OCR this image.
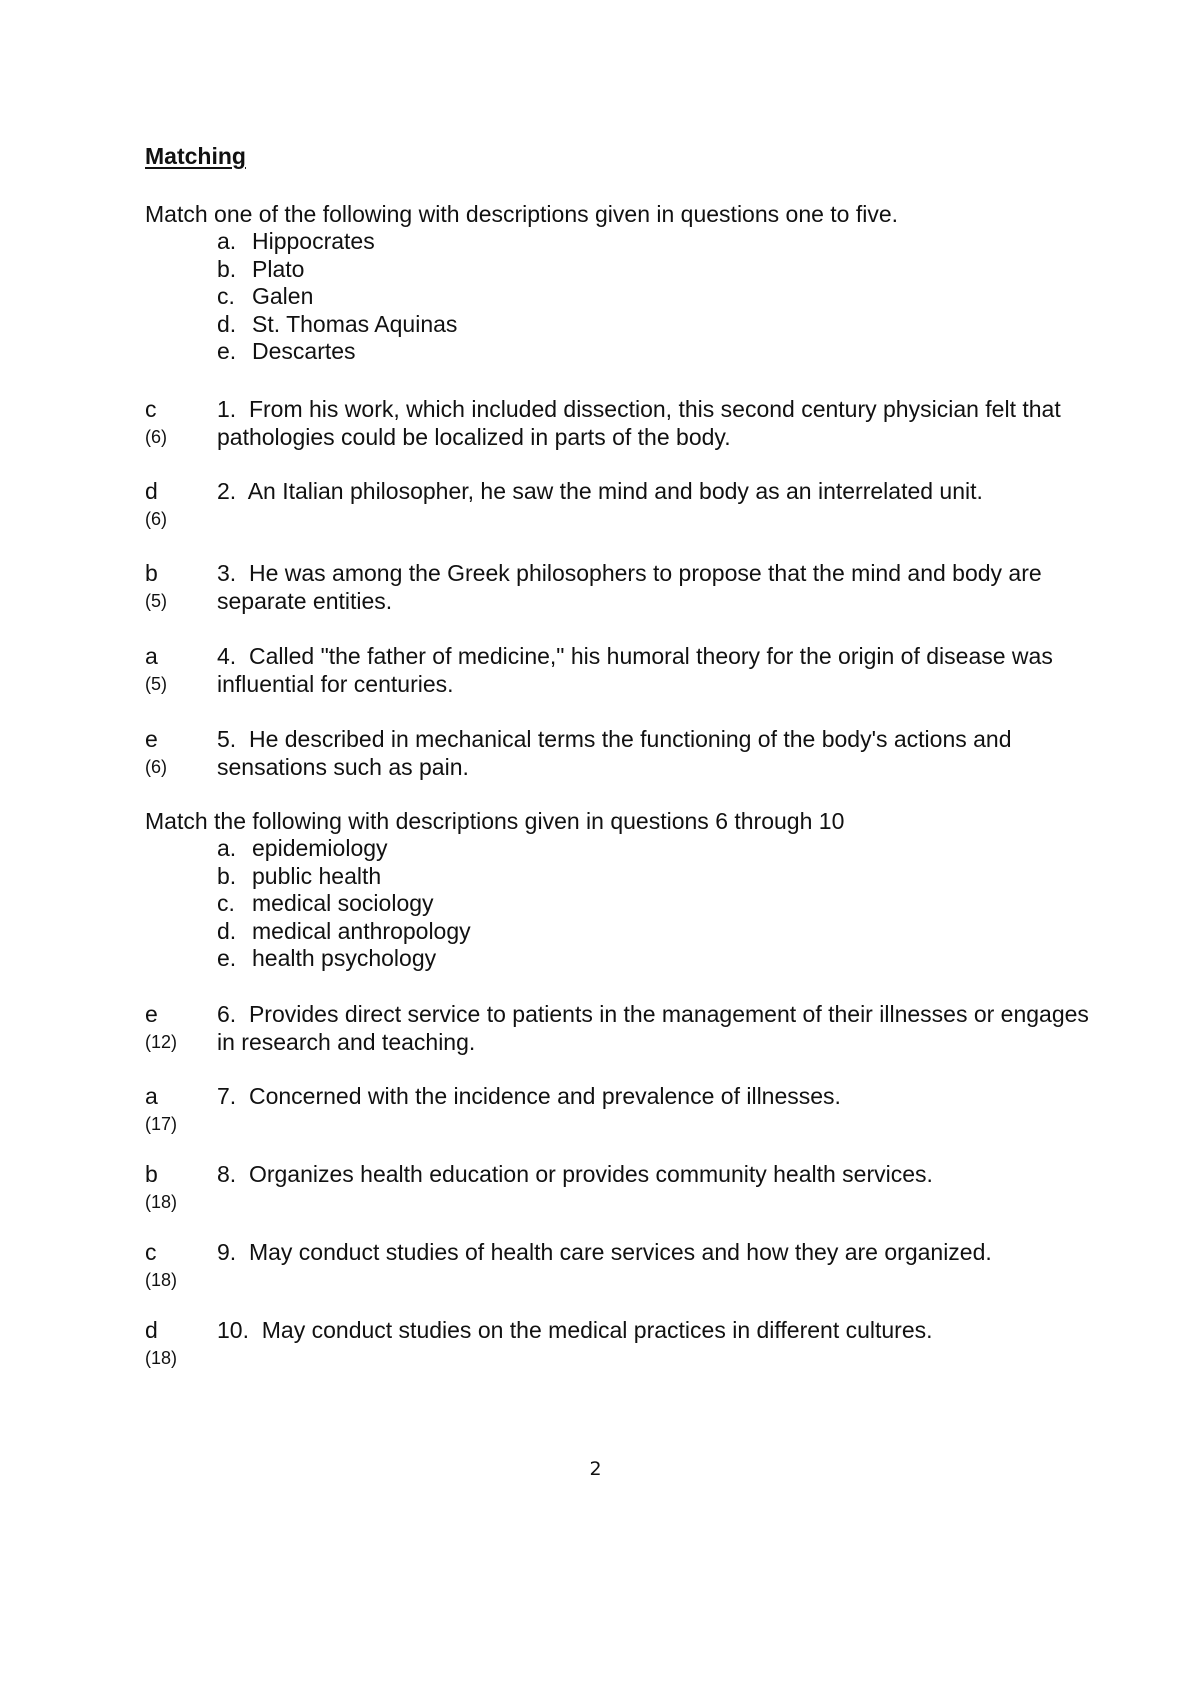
Matching

Match one of the following with descriptions given in questions one to five.

a. Hippocrates
b. Plato
c. Galen
d. St. Thomas Aquinas
e. Descartes
c
(6)
1. From his work, which included dissection, this second century physician felt that pathologies could be localized in parts of the body.
d
(6)
2. An Italian philosopher, he saw the mind and body as an interrelated unit.
b
(5)
3. He was among the Greek philosophers to propose that the mind and body are separate entities.
a
(5)
4. Called "the father of medicine," his humoral theory for the origin of disease was influential for centuries.
e
(6)
5. He described in mechanical terms the functioning of the body's actions and sensations such as pain.

Match the following with descriptions given in questions 6 through 10

a. epidemiology
b. public health
c. medical sociology
d. medical anthropology
e. health psychology
e
(12)
6. Provides direct service to patients in the management of their illnesses or engages in research and teaching.
a
(17)
7. Concerned with the incidence and prevalence of illnesses.
b
(18)
8. Organizes health education or provides community health services.
c
(18)
9. May conduct studies of health care services and how they are organized.
d
(18)
10. May conduct studies on the medical practices in different cultures.
2
